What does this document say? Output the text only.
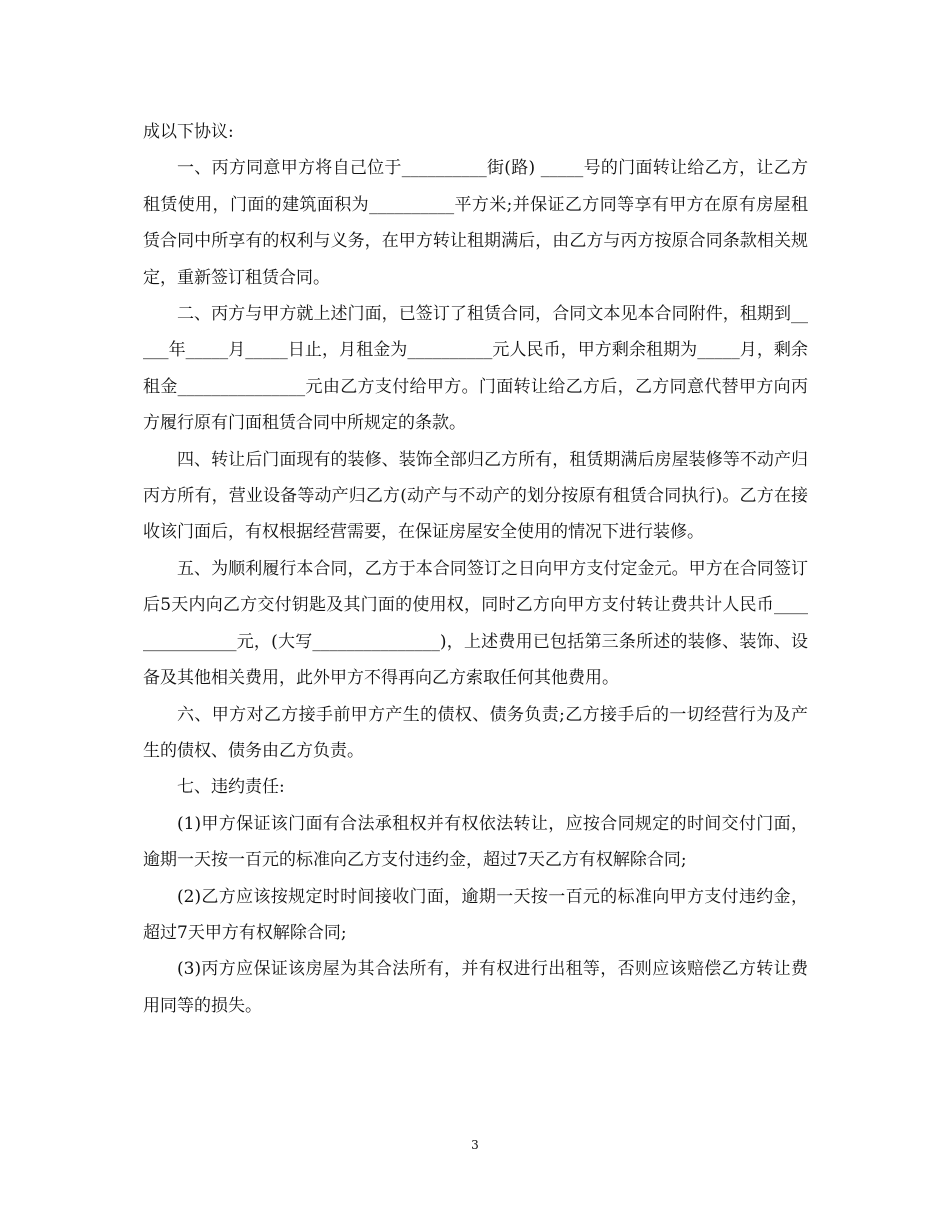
成以下协议:

一、丙方同意甲方将自己位于__________街(路) _____号的门面转让给乙方，让乙方租赁使用，门面的建筑面积为__________平方米;并保证乙方同等享有甲方在原有房屋租赁合同中所享有的权利与义务，在甲方转让租期满后，由乙方与丙方按原合同条款相关规定，重新签订租赁合同。

二、丙方与甲方就上述门面，已签订了租赁合同，合同文本见本合同附件，租期到_____年_____月_____日止，月租金为__________元人民币，甲方剩余租期为_____月，剩余租金_______________元由乙方支付给甲方。门面转让给乙方后，乙方同意代替甲方向丙方履行原有门面租赁合同中所规定的条款。

四、转让后门面现有的装修、装饰全部归乙方所有，租赁期满后房屋装修等不动产归丙方所有，营业设备等动产归乙方(动产与不动产的划分按原有租赁合同执行)。乙方在接收该门面后，有权根据经营需要，在保证房屋安全使用的情况下进行装修。

五、为顺利履行本合同，乙方于本合同签订之日向甲方支付定金元。甲方在合同签订后5天内向乙方交付钥匙及其门面的使用权，同时乙方向甲方支付转让费共计人民币_______________元，(大写_______________)，上述费用已包括第三条所述的装修、装饰、设备及其他相关费用，此外甲方不得再向乙方索取任何其他费用。

六、甲方对乙方接手前甲方产生的债权、债务负责;乙方接手后的一切经营行为及产生的债权、债务由乙方负责。

七、违约责任:

(1)甲方保证该门面有合法承租权并有权依法转让，应按合同规定的时间交付门面，逾期一天按一百元的标准向乙方支付违约金，超过7天乙方有权解除合同;

(2)乙方应该按规定时时间接收门面，逾期一天按一百元的标准向甲方支付违约金，超过7天甲方有权解除合同;

(3)丙方应保证该房屋为其合法所有，并有权进行出租等，否则应该赔偿乙方转让费用同等的损失。

3
